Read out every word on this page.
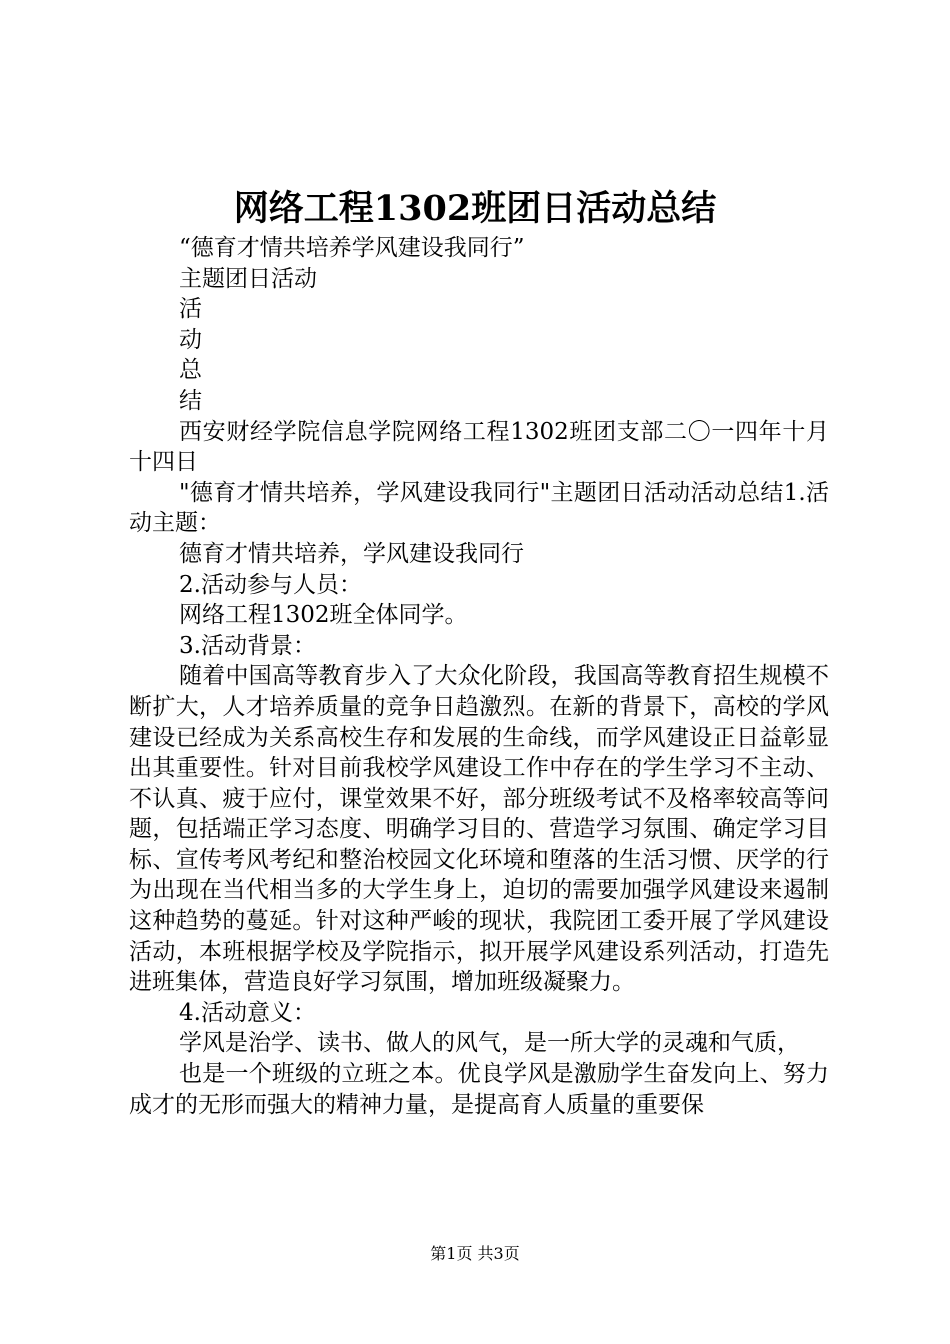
网络工程1302班团日活动总结

“德育才情共培养学风建设我同行”

主题团日活动

活

动

总

结

西安财经学院信息学院网络工程1302班团支部二〇一四年十月十四日

"德育才情共培养，学风建设我同行"主题团日活动活动总结1.活动主题：

德育才情共培养，学风建设我同行

2.活动参与人员：

网络工程1302班全体同学。

3.活动背景：

随着中国高等教育步入了大众化阶段，我国高等教育招生规模不断扩大，人才培养质量的竞争日趋激烈。在新的背景下，高校的学风建设已经成为关系高校生存和发展的生命线，而学风建设正日益彰显出其重要性。针对目前我校学风建设工作中存在的学生学习不主动、不认真、疲于应付，课堂效果不好，部分班级考试不及格率较高等问题，包括端正学习态度、明确学习目的、营造学习氛围、确定学习目标、宣传考风考纪和整治校园文化环境和堕落的生活习惯、厌学的行为出现在当代相当多的大学生身上，迫切的需要加强学风建设来遏制这种趋势的蔓延。针对这种严峻的现状，我院团工委开展了学风建设活动，本班根据学校及学院指示，拟开展学风建设系列活动，打造先进班集体，营造良好学习氛围，增加班级凝聚力。

4.活动意义：

学风是治学、读书、做人的风气，是一所大学的灵魂和气质，

也是一个班级的立班之本。优良学风是激励学生奋发向上、努力成才的无形而强大的精神力量，是提高育人质量的重要保

第1页 共3页
